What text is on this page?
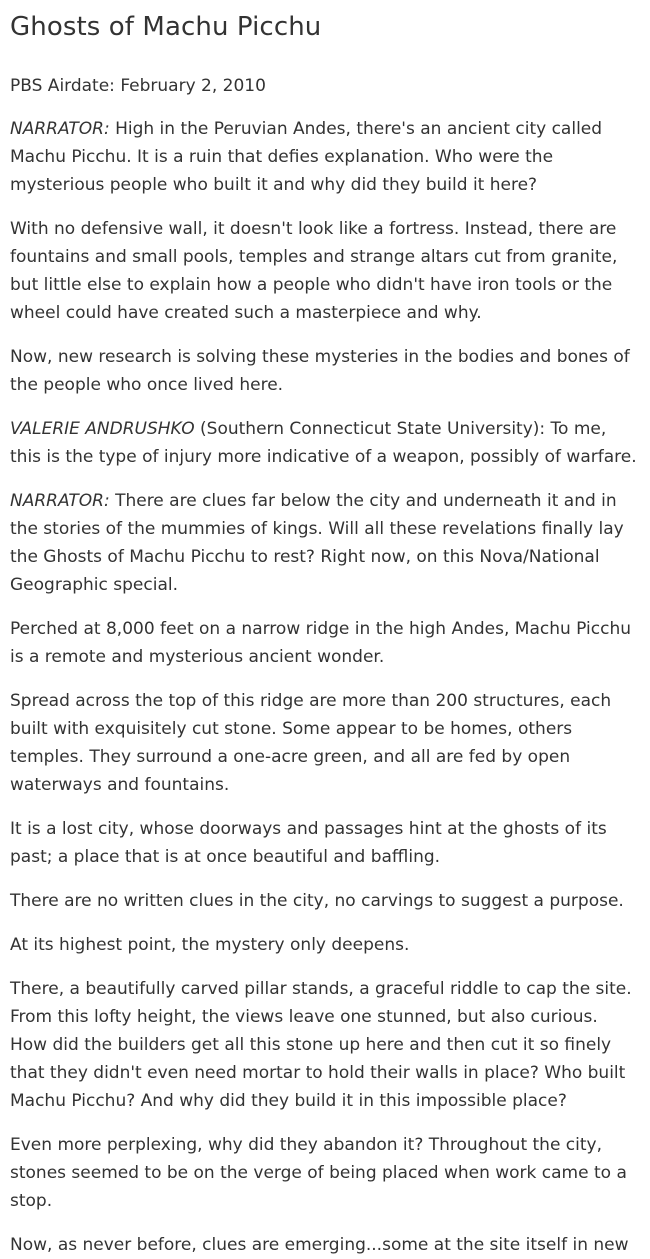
Ghosts of Machu Picchu

PBS Airdate: February 2, 2010

NARRATOR: High in the Peruvian Andes, there's an ancient city called Machu Picchu. It is a ruin that defies explanation. Who were the mysterious people who built it and why did they build it here?

With no defensive wall, it doesn't look like a fortress. Instead, there are fountains and small pools, temples and strange altars cut from granite, but little else to explain how a people who didn't have iron tools or the wheel could have created such a masterpiece and why.

Now, new research is solving these mysteries in the bodies and bones of the people who once lived here.

VALERIE ANDRUSHKO (Southern Connecticut State University): To me, this is the type of injury more indicative of a weapon, possibly of warfare.

NARRATOR: There are clues far below the city and underneath it and in the stories of the mummies of kings. Will all these revelations finally lay the Ghosts of Machu Picchu to rest? Right now, on this Nova/National Geographic special.

Perched at 8,000 feet on a narrow ridge in the high Andes, Machu Picchu is a remote and mysterious ancient wonder.

Spread across the top of this ridge are more than 200 structures, each built with exquisitely cut stone. Some appear to be homes, others temples. They surround a one-acre green, and all are fed by open waterways and fountains.

It is a lost city, whose doorways and passages hint at the ghosts of its past; a place that is at once beautiful and baffling.

There are no written clues in the city, no carvings to suggest a purpose.

At its highest point, the mystery only deepens.

There, a beautifully carved pillar stands, a graceful riddle to cap the site. From this lofty height, the views leave one stunned, but also curious. How did the builders get all this stone up here and then cut it so finely that they didn't even need mortar to hold their walls in place? Who built Machu Picchu? And why did they build it in this impossible place?

Even more perplexing, why did they abandon it? Throughout the city, stones seemed to be on the verge of being placed when work came to a stop.

Now, as never before, clues are emerging...some at the site itself in new
